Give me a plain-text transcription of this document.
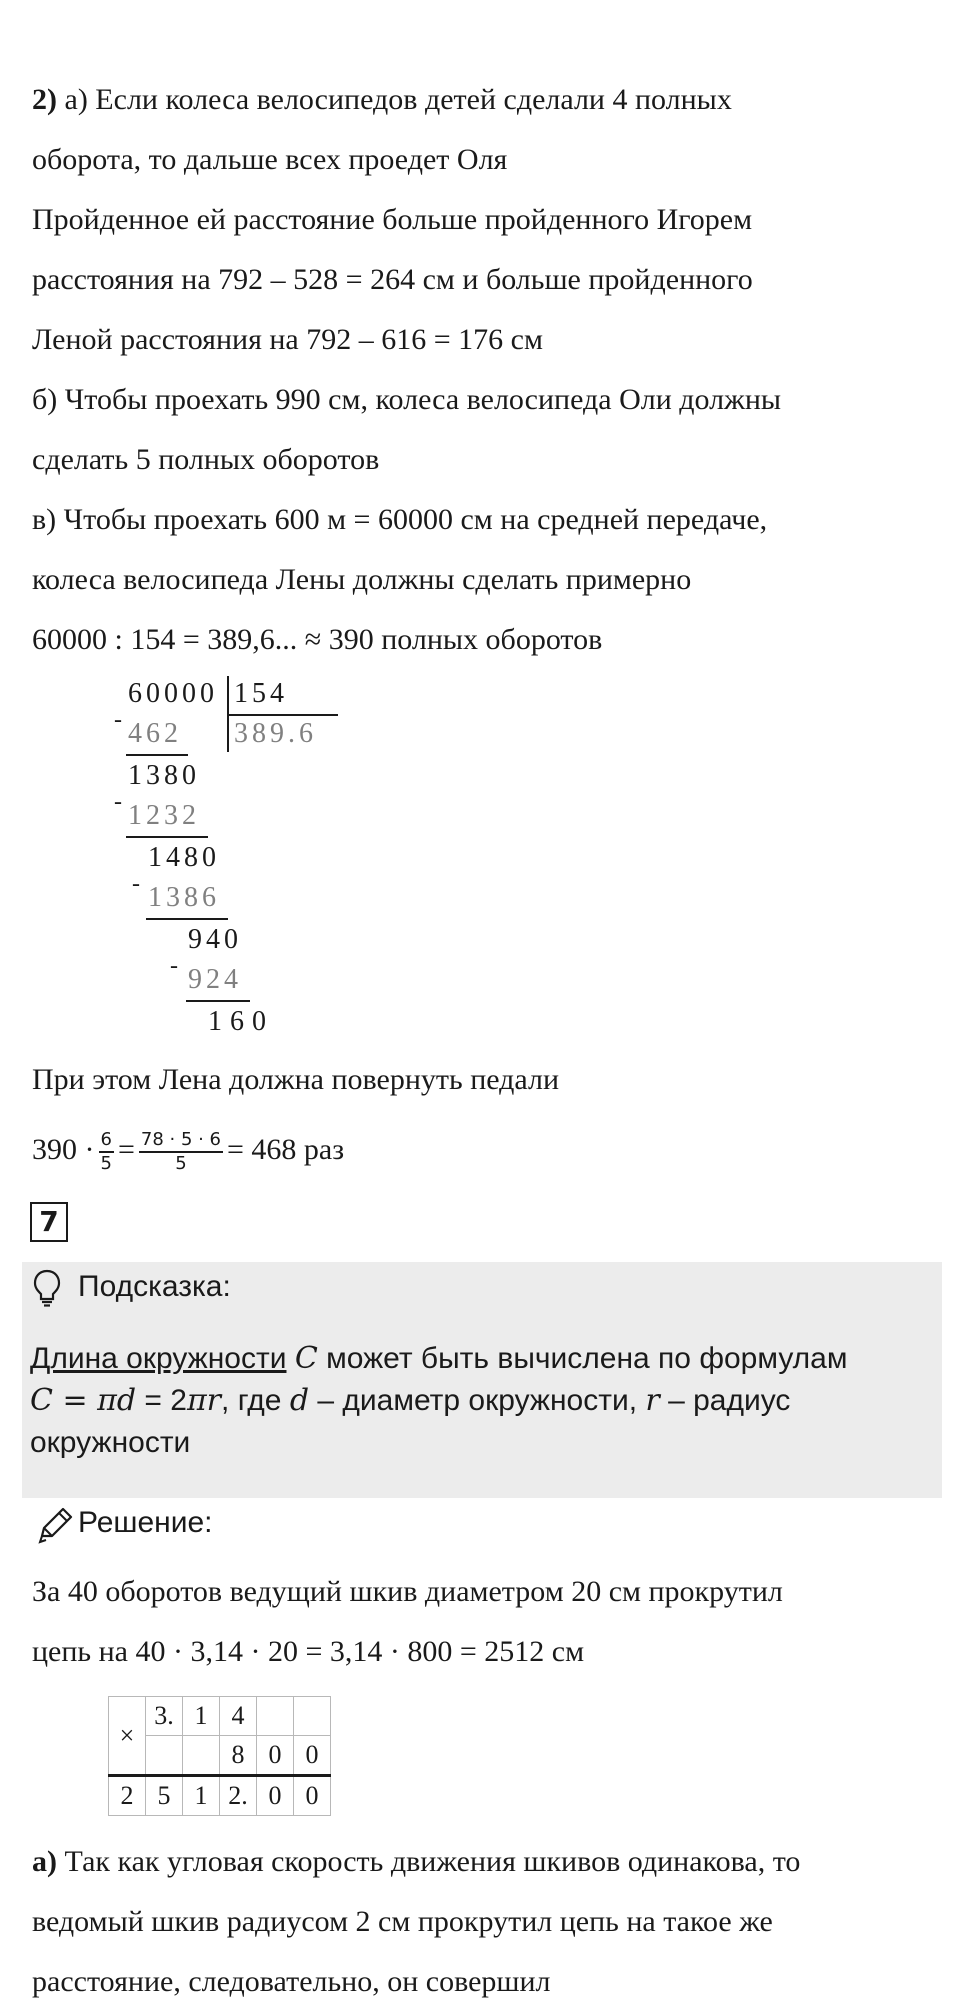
2) а) Если колеса велосипедов детей сделали 4 полных
оборота, то дальше всех проедет Оля
Пройденное ей расстояние больше пройденного Игорем
расстояния на 792 – 528 = 264 см и больше пройденного
Леной расстояния на 792 – 616 = 176 см
б) Чтобы проехать 990 см, колеса велосипеда Оли должны
сделать 5 полных оборотов
в) Чтобы проехать 600 м = 60000 см на средней передаче,
колеса велосипеда Лены должны сделать примерно
60000 : 154 = 389,6... ≈ 390 полных оборотов
60000 154
389.6
- 462
1380
- 1232
1480
- 1386
940
- 924
160
При этом Лена должна повернуть педали
$390 \cdot \frac{6}{5} = \frac{78 \cdot 5 \cdot 6}{5} = 468$ раз
7
Подсказка:
Длина окружности C может быть вычислена по формулам
C = πd = 2πr, где d – диаметр окружности, r – радиус
окружности
Решение:
За 40 оборотов ведущий шкив диаметром 20 см прокрутил
цепь на 40 · 3,14 · 20 = 3,14 · 800 = 2512 см
×	3.	1	4		
			8	0	0
2	5	1	2.	0	0
а) Так как угловая скорость движения шкивов одинакова, то
ведомый шкив радиусом 2 см прокрутил цепь на такое же
расстояние, следовательно, он совершил
